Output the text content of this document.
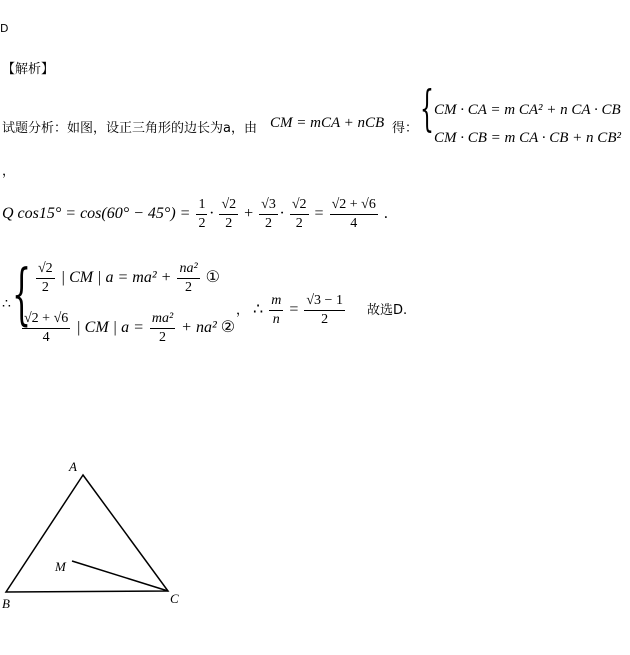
D
【解析】
试题分析：如图，设正三角形的边长为a，由 CM = mCA + nCB 得： { CM · CA = m CA² + n CA · CB
CM · CB = m CA · CB + n CB²
，
Q $\cos 15^\circ = \cos(60^\circ - 45^\circ) = \frac{1}{2} \cdot \frac{√2}{2} + \frac{√3}{2} \cdot \frac{√2}{2} = \frac{√2 + √6}{4}$ .
∴ { $\frac{√2}{2}$ | CM | $a = ma^2 + \frac{\text{na²}}{2}$ ①
$\frac{√2 + √6}{4}$ | CM | $a = \frac{\text{ma²}}{2} + na^2$ ②
， ∴ $\frac{m}{n} = \frac{√3 - 1}{2}$ 故选D.
A
B	C
M
